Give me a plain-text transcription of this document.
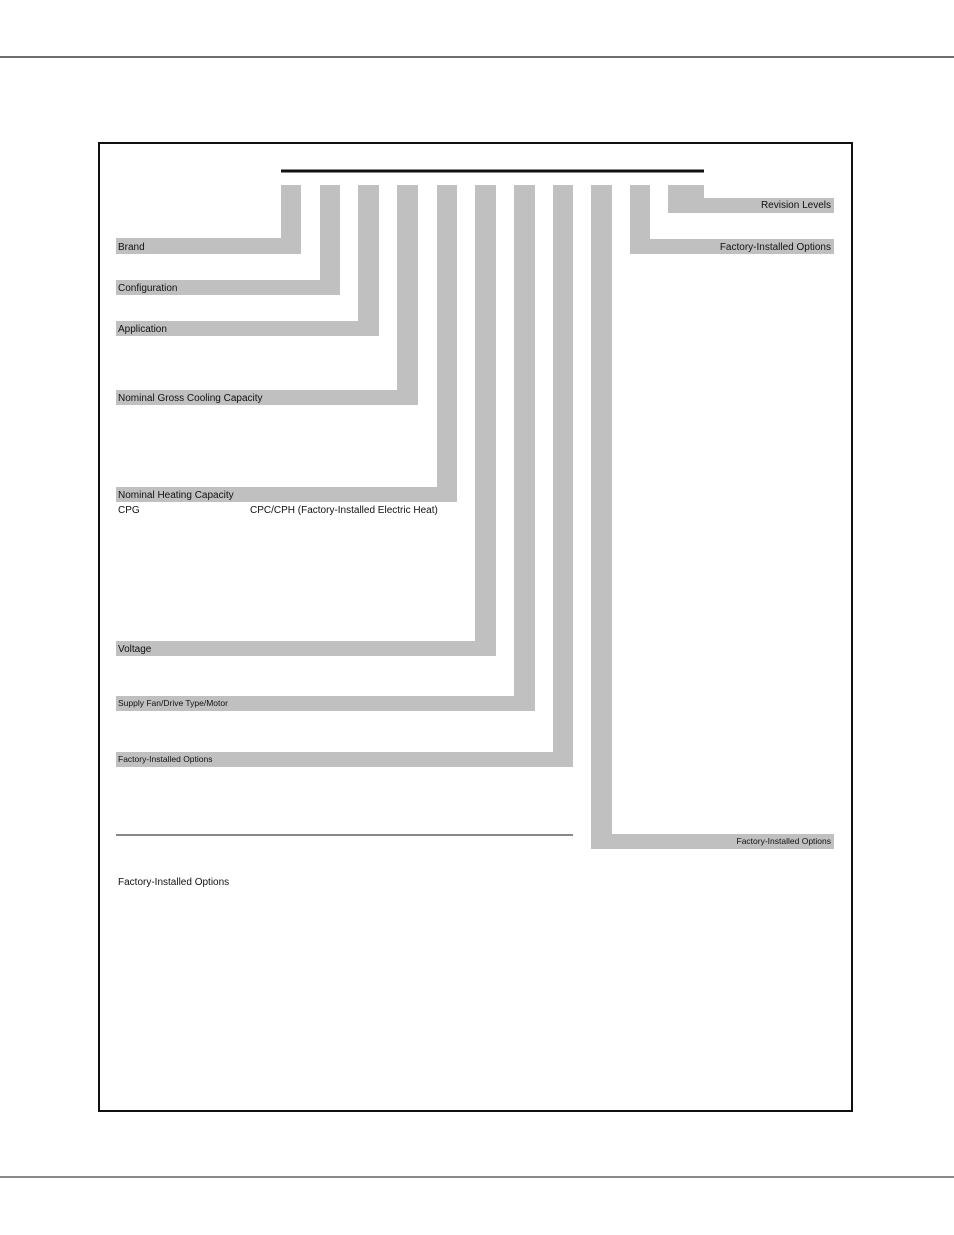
Brand
Configuration
Application
Nominal Gross Cooling Capacity
Nominal Heating Capacity
CPG	CPC/CPH (Factory-Installed Electric Heat)
Voltage
Supply Fan/Drive Type/Motor
Factory-Installed Options
Factory-Installed Options
Revision Levels
Factory-Installed Options
Factory-Installed Options
